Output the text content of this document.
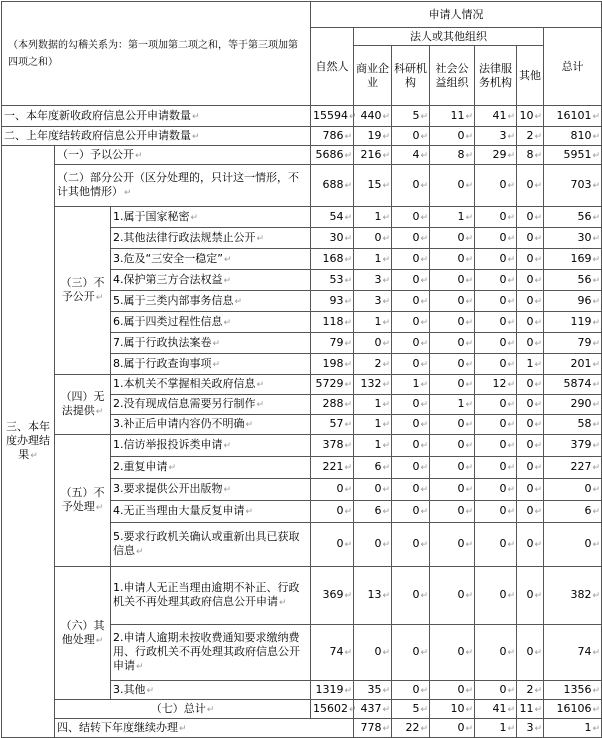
（本列数据的勾稽关系为：第一项加第二项之和，等于第三项加第四项之和）			申请人情况							
			自然人	法人或其他组织					总计	
				商业企业	科研机构	社会公益组织	法律服务机构	其他		
一、本年度新收政府信息公开申请数量↵			15594↵	440↵	5↵	11↵	41↵	10↵	16101↵	
二、上年度结转政府信息公开申请数量↵			786↵	19↵	0↵	0↵	3↵	2↵	810↵	
三、本年度办理结果↵	（一）予以公开↵		5686↵	216↵	4↵	8↵	29↵	8↵	5951↵	
	（二）部分公开（区分处理的，只计这一情形，不计其他情形）↵		688↵	15↵	0↵	0↵	0↵	0↵	703↵	
	（三）不予公开↵	1.属于国家秘密↵	54↵	1↵	0↵	1↵	0↵	0↵	56↵	
		2.其他法律行政法规禁止公开↵	30↵	0↵	0↵	0↵	0↵	0↵	30↵	
		3.危及“三安全一稳定”↵	168↵	1↵	0↵	0↵	0↵	0↵	169↵	
		4.保护第三方合法权益↵	53↵	3↵	0↵	0↵	0↵	0↵	56↵	
		5.属于三类内部事务信息↵	93↵	3↵	0↵	0↵	0↵	0↵	96↵	
		6.属于四类过程性信息↵	118↵	1↵	0↵	0↵	0↵	0↵	119↵	
		7.属于行政执法案卷↵	79↵	0↵	0↵	0↵	0↵	0↵	79↵	
		8.属于行政查询事项↵	198↵	2↵	0↵	0↵	0↵	1↵	201↵	
	（四）无法提供↵	1.本机关不掌握相关政府信息↵	5729↵	132↵	1↵	0↵	12↵	0↵	5874↵	
		2.没有现成信息需要另行制作↵	288↵	1↵	0↵	1↵	0↵	0↵	290↵	
		3.补正后申请内容仍不明确↵	57↵	1↵	0↵	0↵	0↵	0↵	58↵	
	（五）不予处理↵	1.信访举报投诉类申请↵	378↵	1↵	0↵	0↵	0↵	0↵	379↵	
		2.重复申请↵	221↵	6↵	0↵	0↵	0↵	0↵	227↵	
		3.要求提供公开出版物↵	0↵	0↵	0↵	0↵	0↵	0↵	0↵	
		4.无正当理由大量反复申请↵	0↵	6↵	0↵	0↵	0↵	0↵	6↵	
		5.要求行政机关确认或重新出具已获取信息↵	0↵	0↵	0↵	0↵	0↵	0↵	0↵	
	（六）其他处理↵	1.申请人无正当理由逾期不补正、行政机关不再处理其政府信息公开申请↵	369↵	13↵	0↵	0↵	0↵	0↵	382↵	
		2.申请人逾期未按收费通知要求缴纳费用、行政机关不再处理其政府信息公开申请↵	74↵	0↵	0↵	0↵	0↵	0↵	74↵	
		3.其他↵	1319↵	35↵	0↵	0↵	0↵	2↵	1356↵	
	（七）总计↵		15602↵	437↵	5↵	10↵	41↵	11↵	16106↵	
	四、结转下年度继续办理↵			778↵	22↵	0↵	1↵	3↵	1↵	
